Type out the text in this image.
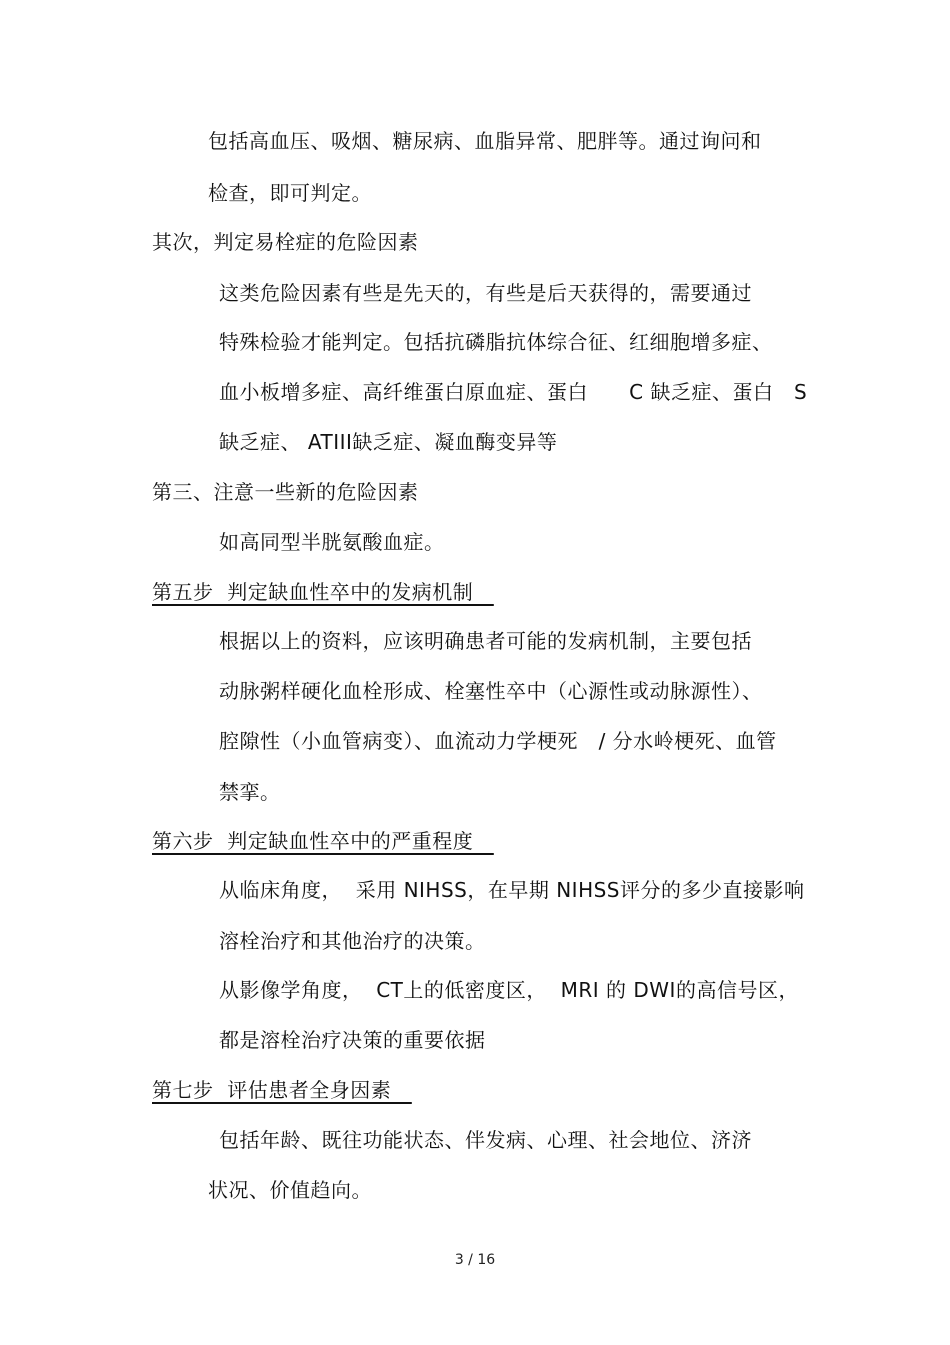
包括高血压、吸烟、糖尿病、血脂异常、肥胖等。通过询问和
检查，即可判定。
其次，判定易栓症的危险因素
这类危险因素有些是先天的，有些是后天获得的，需要通过
特殊检验才能判定。包括抗磷脂抗体综合征、红细胞增多症、
血小板增多症、高纤维蛋白原血症、蛋白      C 缺乏症、蛋白   S
缺乏症、 ATIII缺乏症、凝血酶变异等
第三、注意一些新的危险因素
如高同型半胱氨酸血症。
第五步  判定缺血性卒中的发病机制
根据以上的资料，应该明确患者可能的发病机制，主要包括
动脉粥样硬化血栓形成、栓塞性卒中（心源性或动脉源性）、
腔隙性（小血管病变）、血流动力学梗死   / 分水岭梗死、血管
禁挛。
第六步  判定缺血性卒中的严重程度
从临床角度，  采用 NIHSS，在早期 NIHSS评分的多少直接影响
溶栓治疗和其他治疗的决策。
从影像学角度，  CT上的低密度区，  MRI 的 DWI的高信号区，
都是溶栓治疗决策的重要依据
第七步  评估患者全身因素
包括年龄、既往功能状态、伴发病、心理、社会地位、济济
状况、价值趋向。
3 / 16
